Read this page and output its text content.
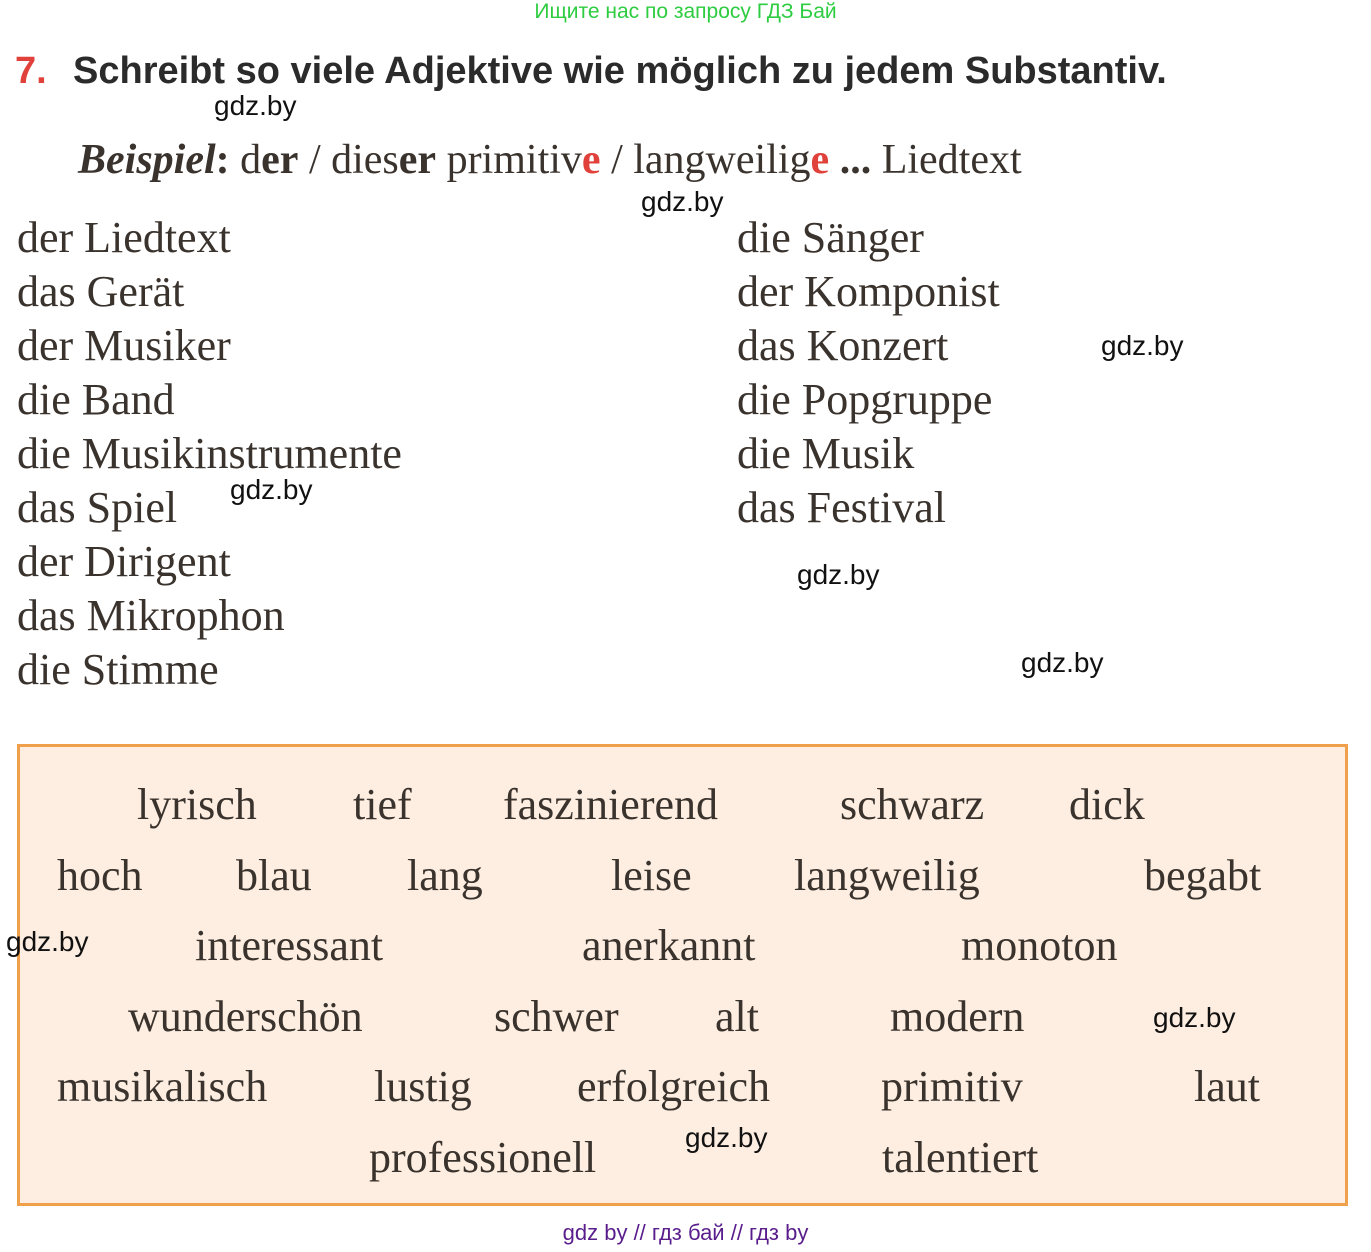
Ищите нас по запросу ГДЗ Бай
7. Schreibt so viele Adjektive wie möglich zu jedem Substantiv.
Beispiel: der / dieser primitive / langweilige ... Liedtext
der Liedtext
das Gerät
der Musiker
die Band
die Musikinstrumente
das Spiel
der Dirigent
das Mikrophon
die Stimme
die Sänger
der Komponist
das Konzert
die Popgruppe
die Musik
das Festival
lyrisch tief faszinierend	schwarz dick
hoch blau lang	leise langweilig	begabt
interessant	anerkannt	monoton
wunderschön	schwer alt	modern
musikalisch lustig erfolgreich	primitiv	laut
professionell	talentiert
gdz.by
gdz.by
gdz.by
gdz.by
gdz.by
gdz.by
gdz.by
gdz.by
gdz.by
gdz by // гдз бай // гдз by
